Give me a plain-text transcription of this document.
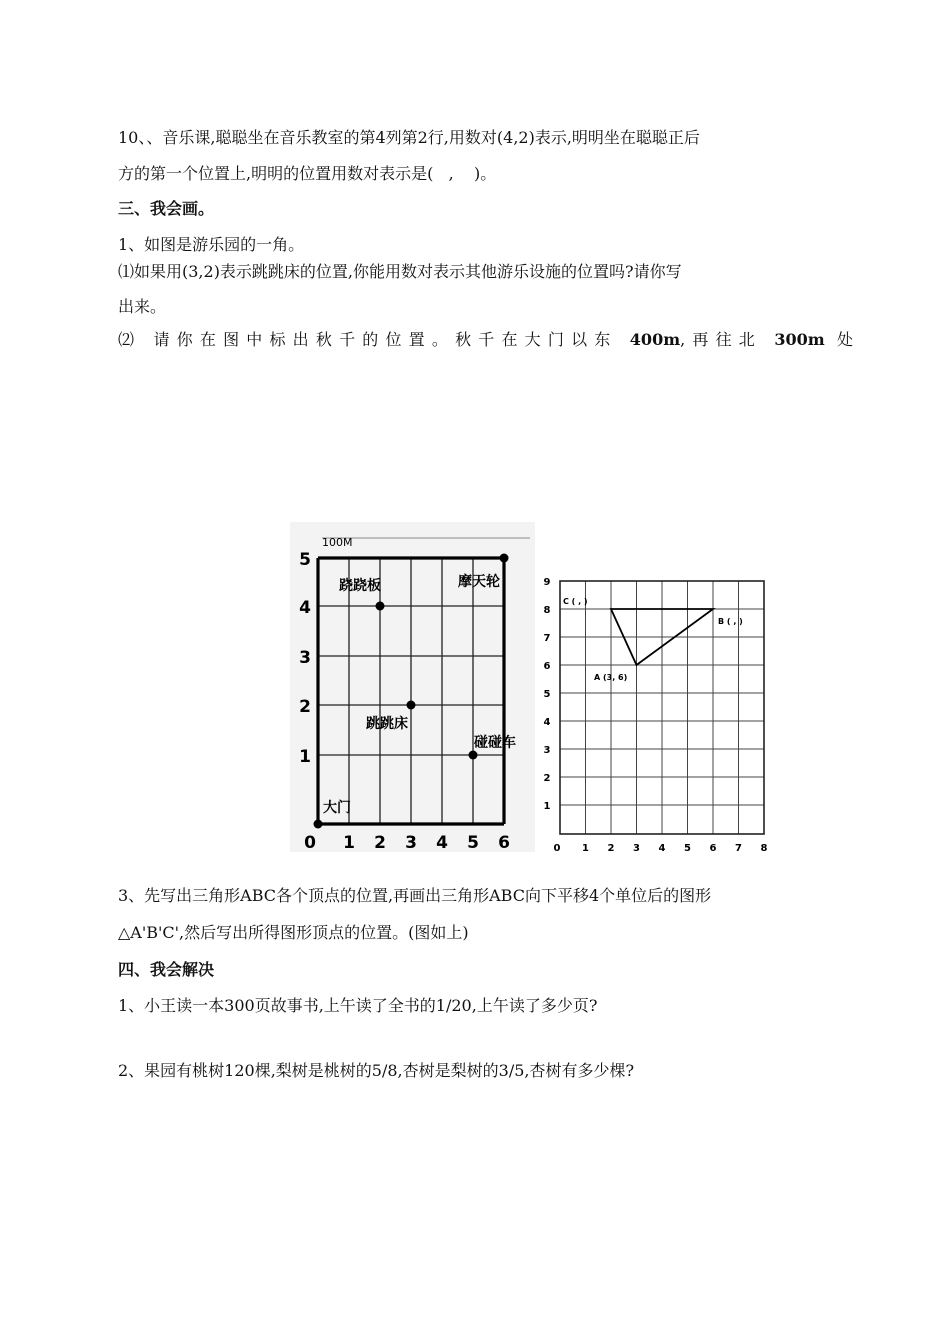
10、、音乐课,聪聪坐在音乐教室的第4列第2行,用数对(4,2)表示,明明坐在聪聪正后
方的第一个位置上,明明的位置用数对表示是(   ,    )。
三、我会画。
1、如图是游乐园的一角。
⑴如果用(3,2)表示跳跳床的位置,你能用数对表示其他游乐设施的位置吗?请你写
出来。
⑵ 请你在图中标出秋千的位置。秋千在大门以东 400m,再往北 300m 处
100M
跷跷板	摩天轮
跳跳床
碰碰车
大门
0 1 2 3 4 5 6
1
2
3
4
5
C ( , )
B ( , )
A (3, 6)
0 1 2 3 4 5 6 7 8
1
2
3
4
5
6
7
8
9
3、先写出三角形ABC各个顶点的位置,再画出三角形ABC向下平移4个单位后的图形
△A'B'C',然后写出所得图形顶点的位置。(图如上)
四、我会解决
1、小王读一本300页故事书,上午读了全书的1/20,上午读了多少页?
2、果园有桃树120棵,梨树是桃树的5/8,杏树是梨树的3/5,杏树有多少棵?
